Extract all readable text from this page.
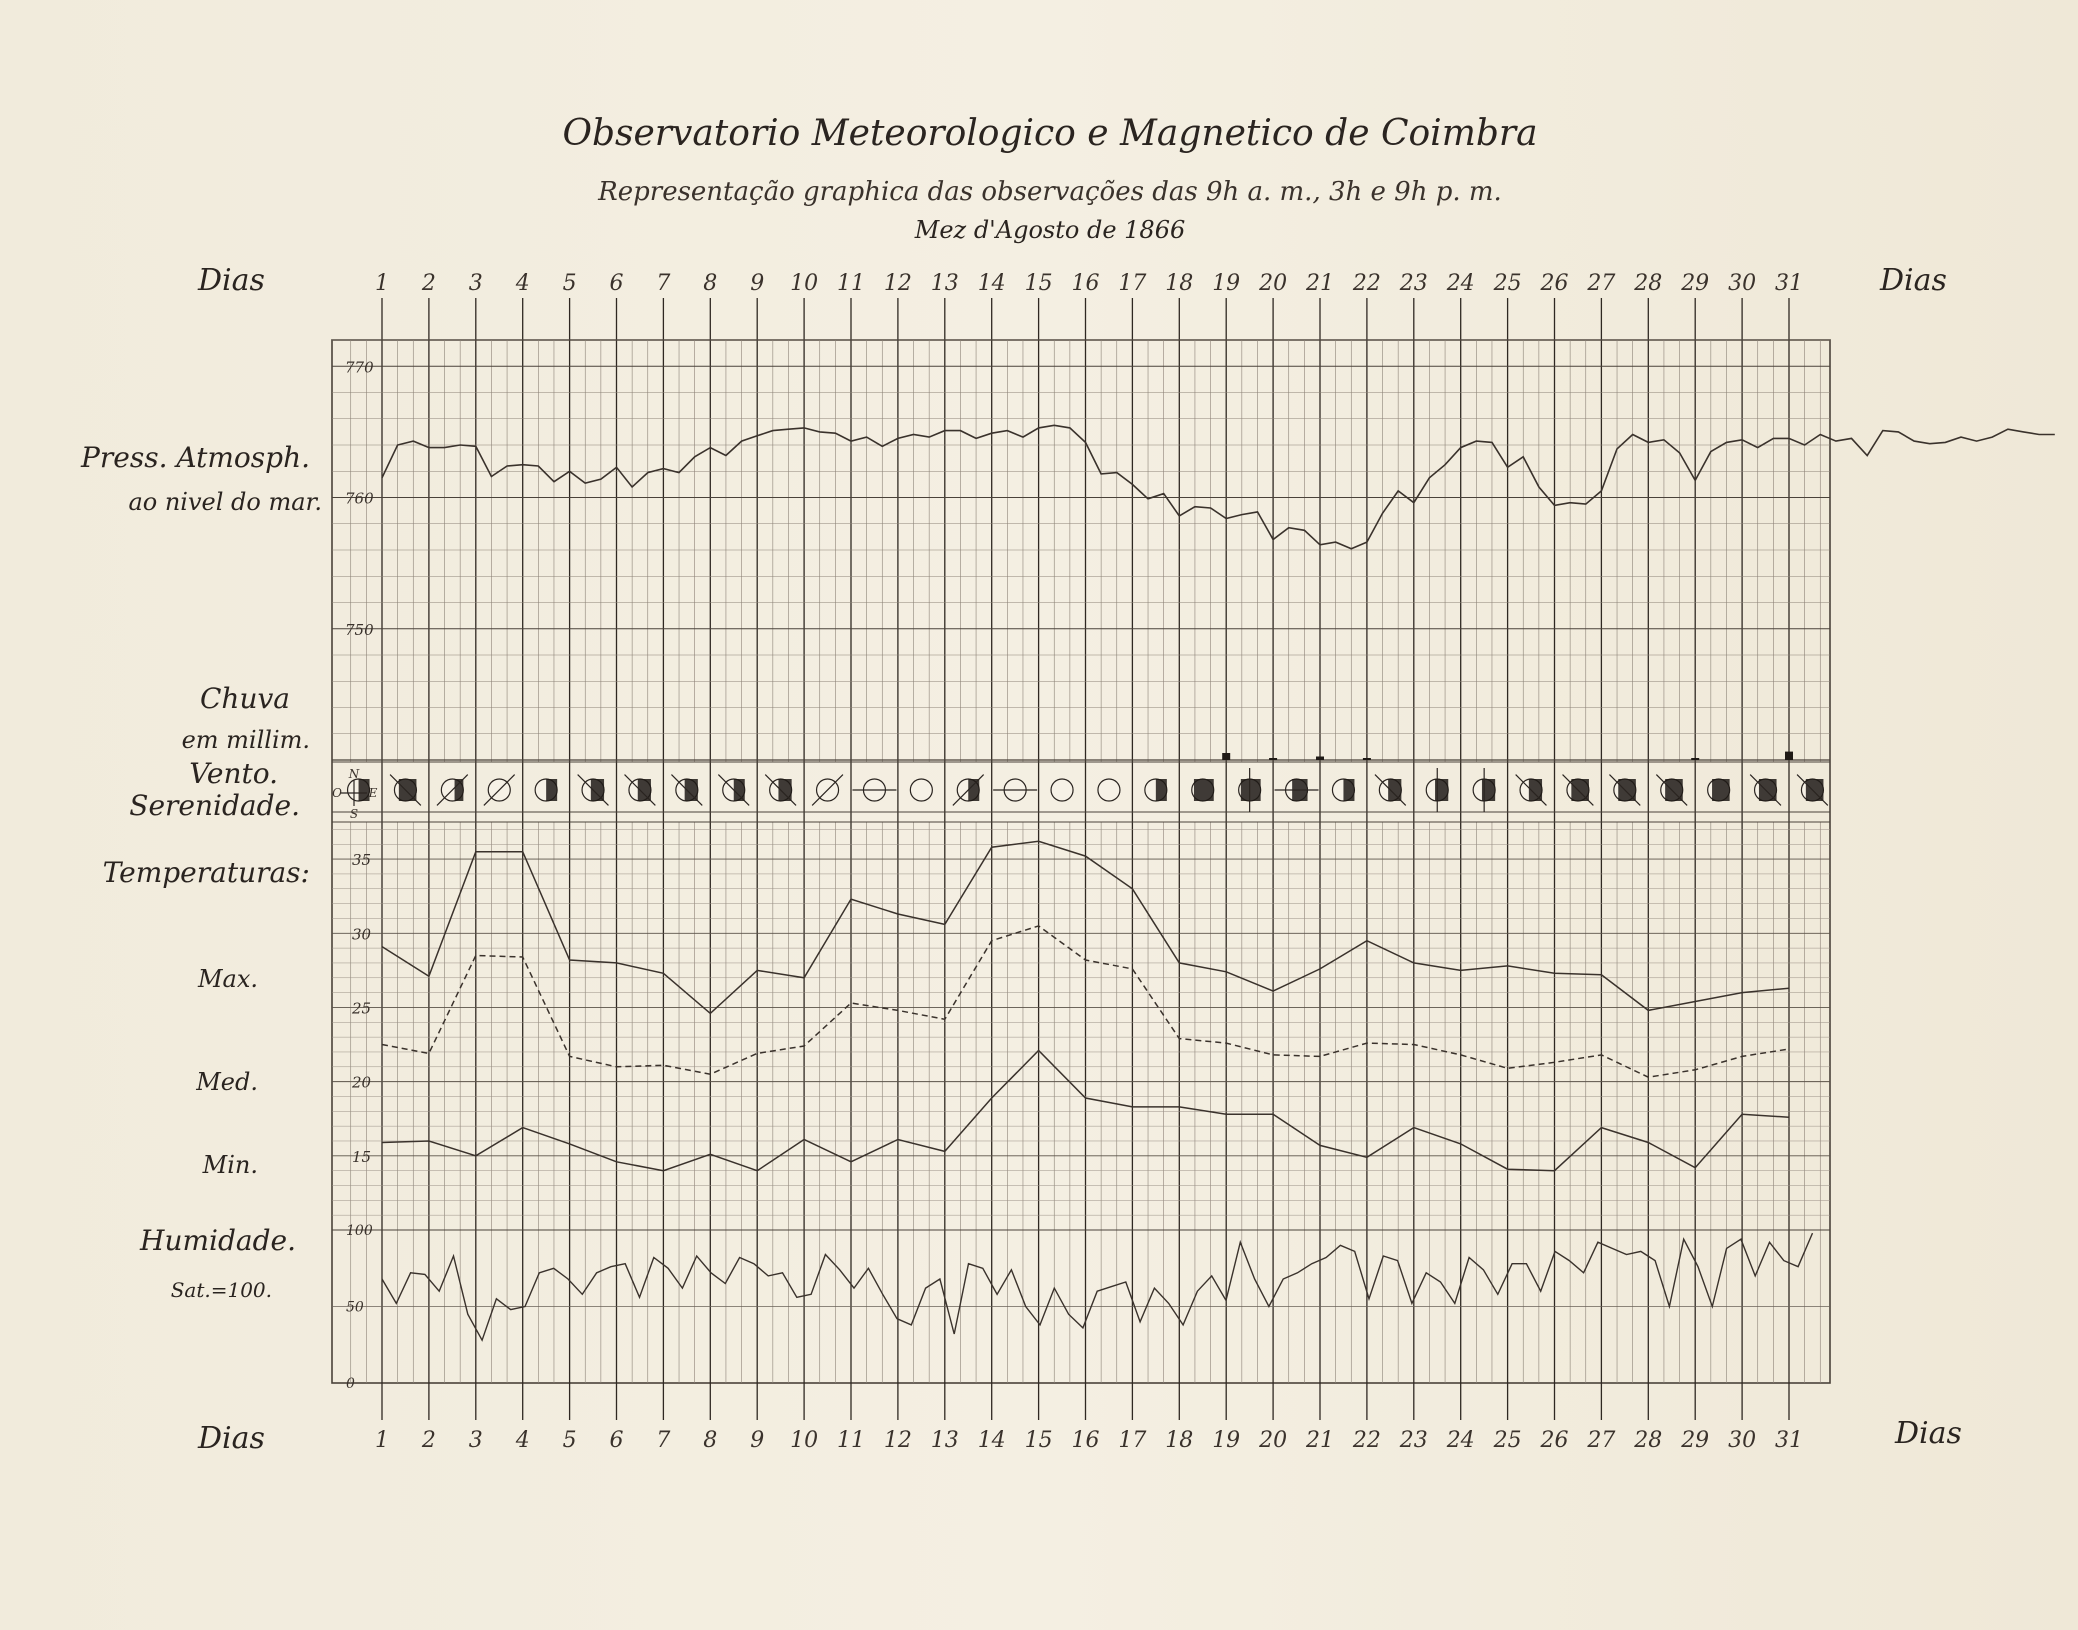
770
760
750
35
30
25
20
15
100
50
0
1
1
2
2
3
3
4
4
5
5
6
6
7
7
8
8
9
9
10
10
11
11
12
12
13
13
14
14
15
15
16
16
17
17
18
18
19
19
20
20
21
21
22
22
23
23
24
24
25
25
26
26
27
27
28
28
29
29
30
30
31
31
Observatorio Meteorologico e Magnetico de Coimbra
Representação graphica das observações das 9h a. m., 3h e 9h p. m.
Mez d'Agosto de 1866
Dias	Dias
Dias	Dias
Press. Atmosph.
ao nivel do mar.
Chuva
em millim.
Vento.
Serenidade.
Temperaturas:
Max.
Med.
Min.
Humidade.
Sat.=100.
N
S
O E
